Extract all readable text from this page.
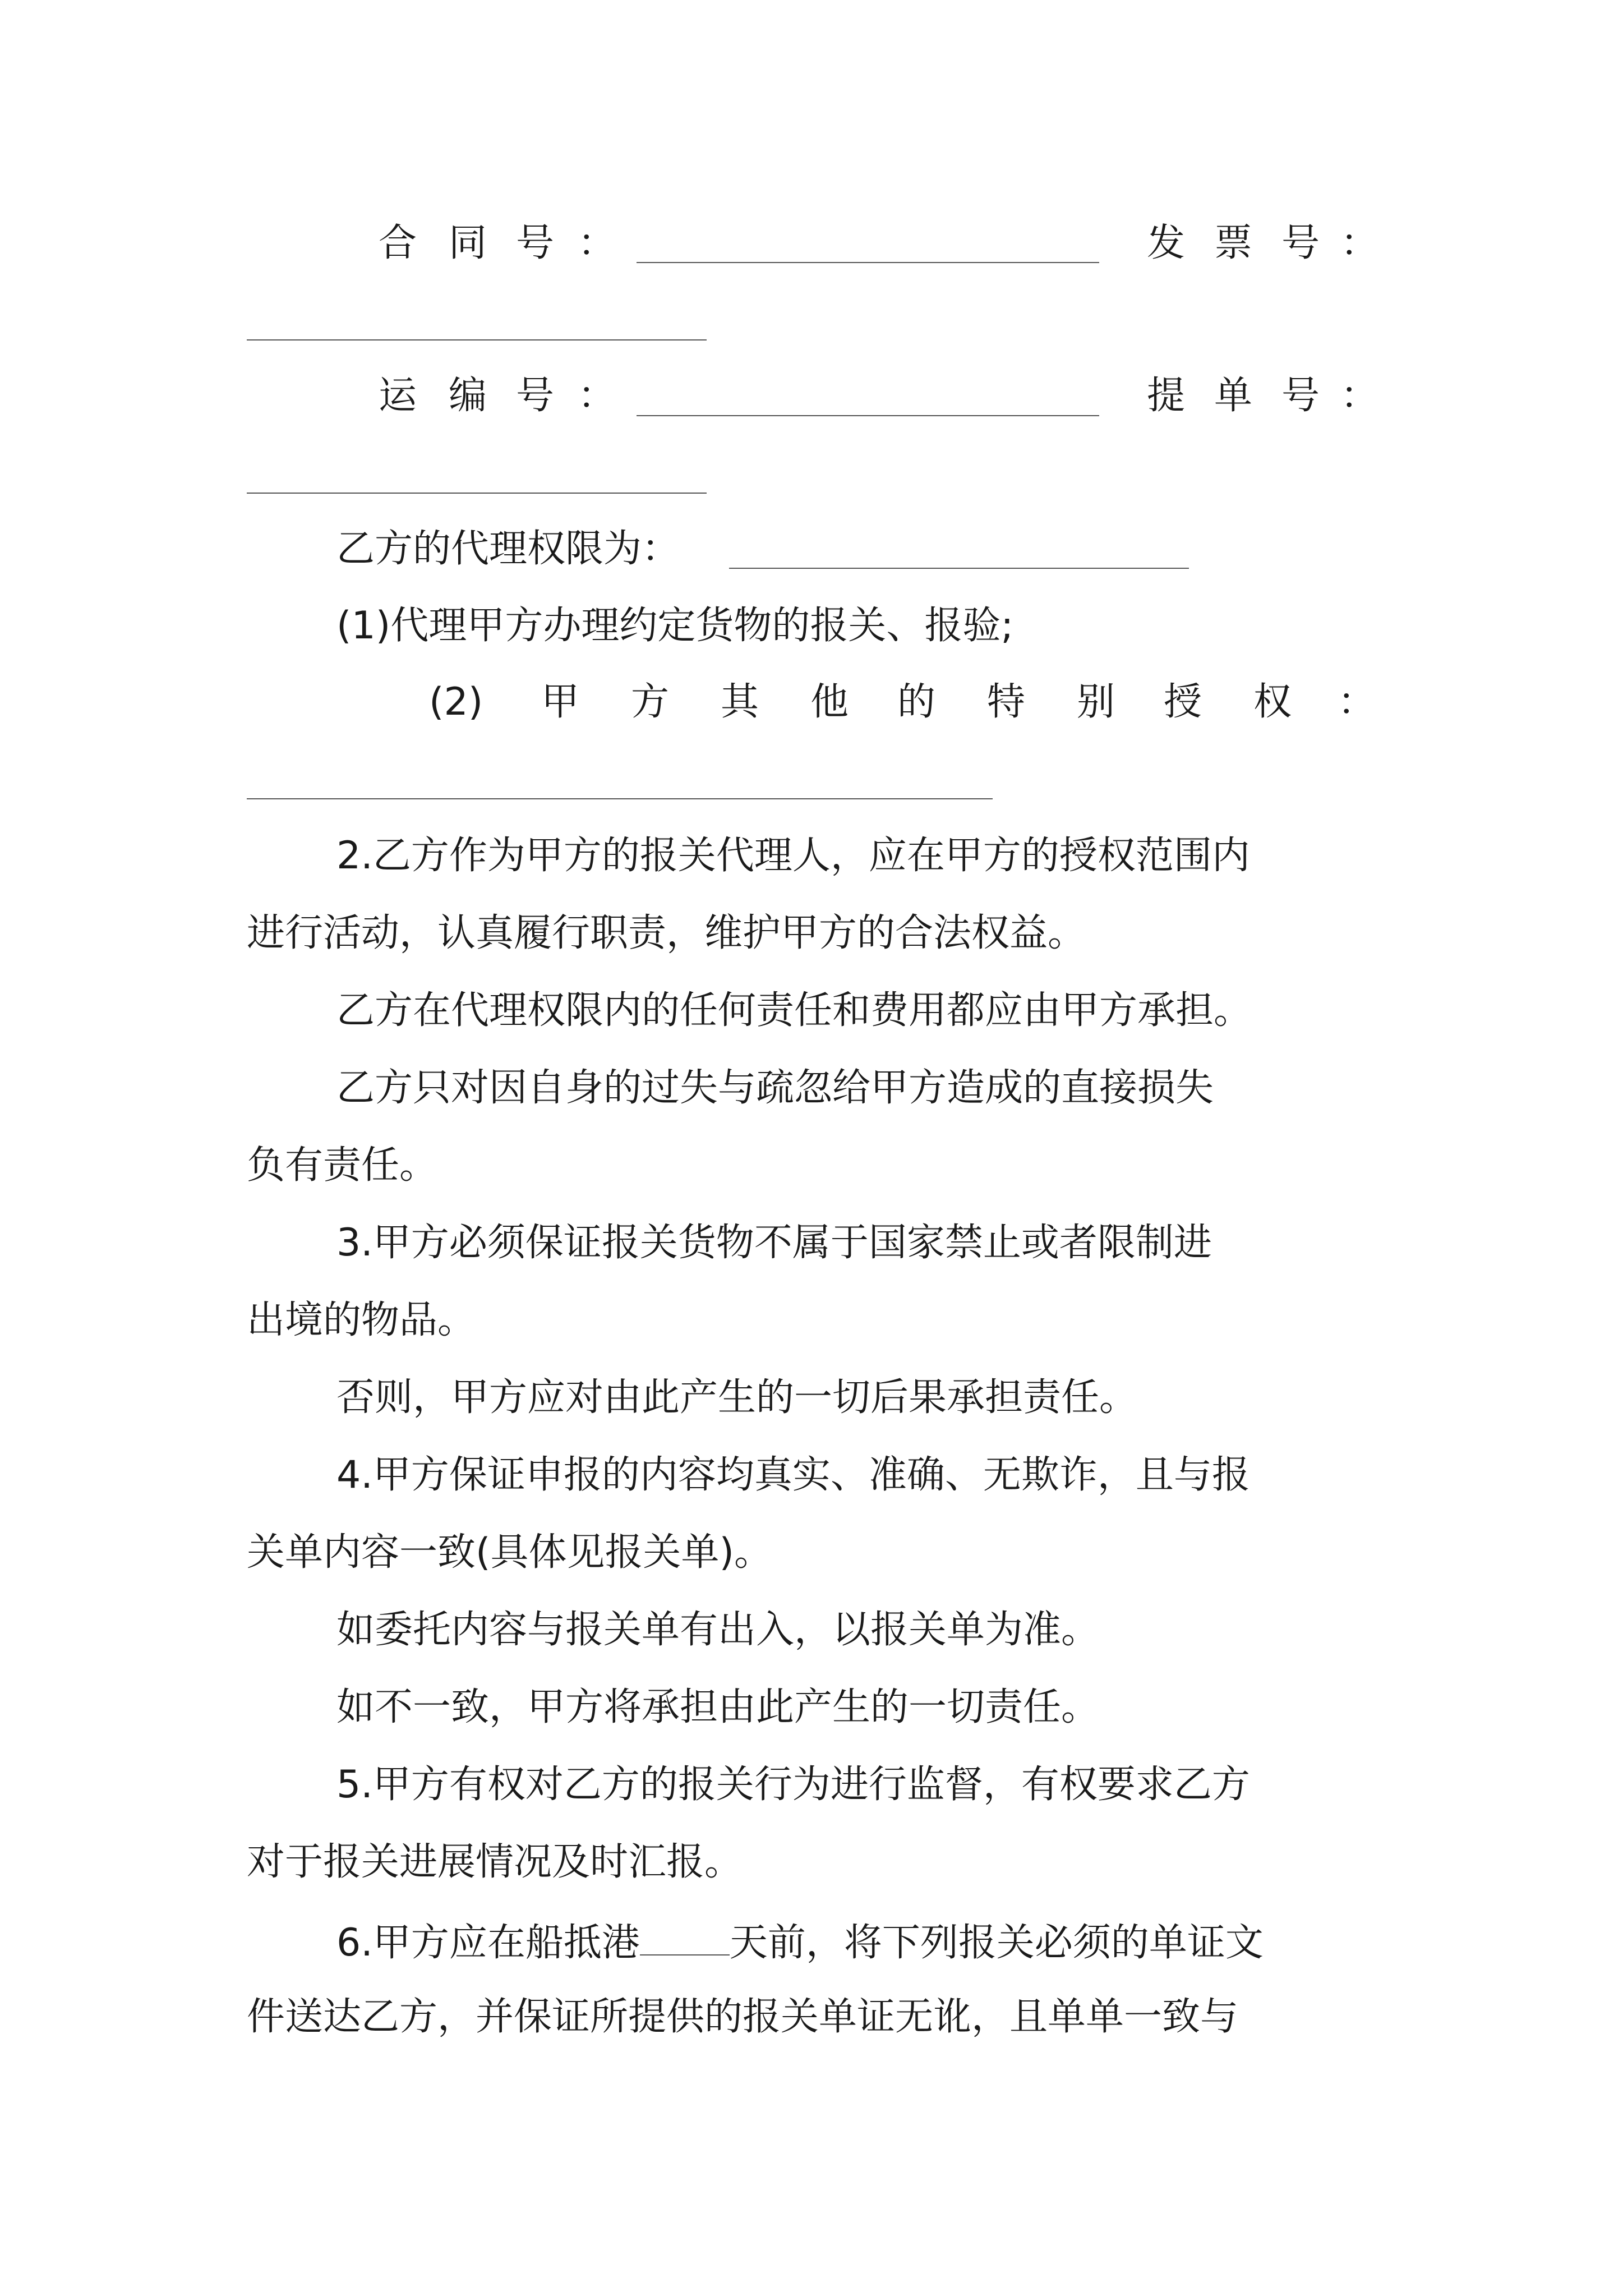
合 同 号 ：	发 票 号 ：
运 编 号 ：	提 单 号 ：
乙方的代理权限为：
(1)代理甲方办理约定货物的报关、报验;
(2) 甲 方 其 他 的 特 别 授 权 ：
2.乙方作为甲方的报关代理人，应在甲方的授权范围内
进行活动，认真履行职责，维护甲方的合法权益。
乙方在代理权限内的任何责任和费用都应由甲方承担。
乙方只对因自身的过失与疏忽给甲方造成的直接损失
负有责任。
3.甲方必须保证报关货物不属于国家禁止或者限制进
出境的物品。
否则，甲方应对由此产生的一切后果承担责任。
4.甲方保证申报的内容均真实、准确、无欺诈，且与报
关单内容一致(具体见报关单)。
如委托内容与报关单有出入，以报关单为准。
如不一致，甲方将承担由此产生的一切责任。
5.甲方有权对乙方的报关行为进行监督，有权要求乙方
对于报关进展情况及时汇报。
6.甲方应在船抵港 天前，将下列报关必须的单证文
件送达乙方，并保证所提供的报关单证无讹，且单单一致与
